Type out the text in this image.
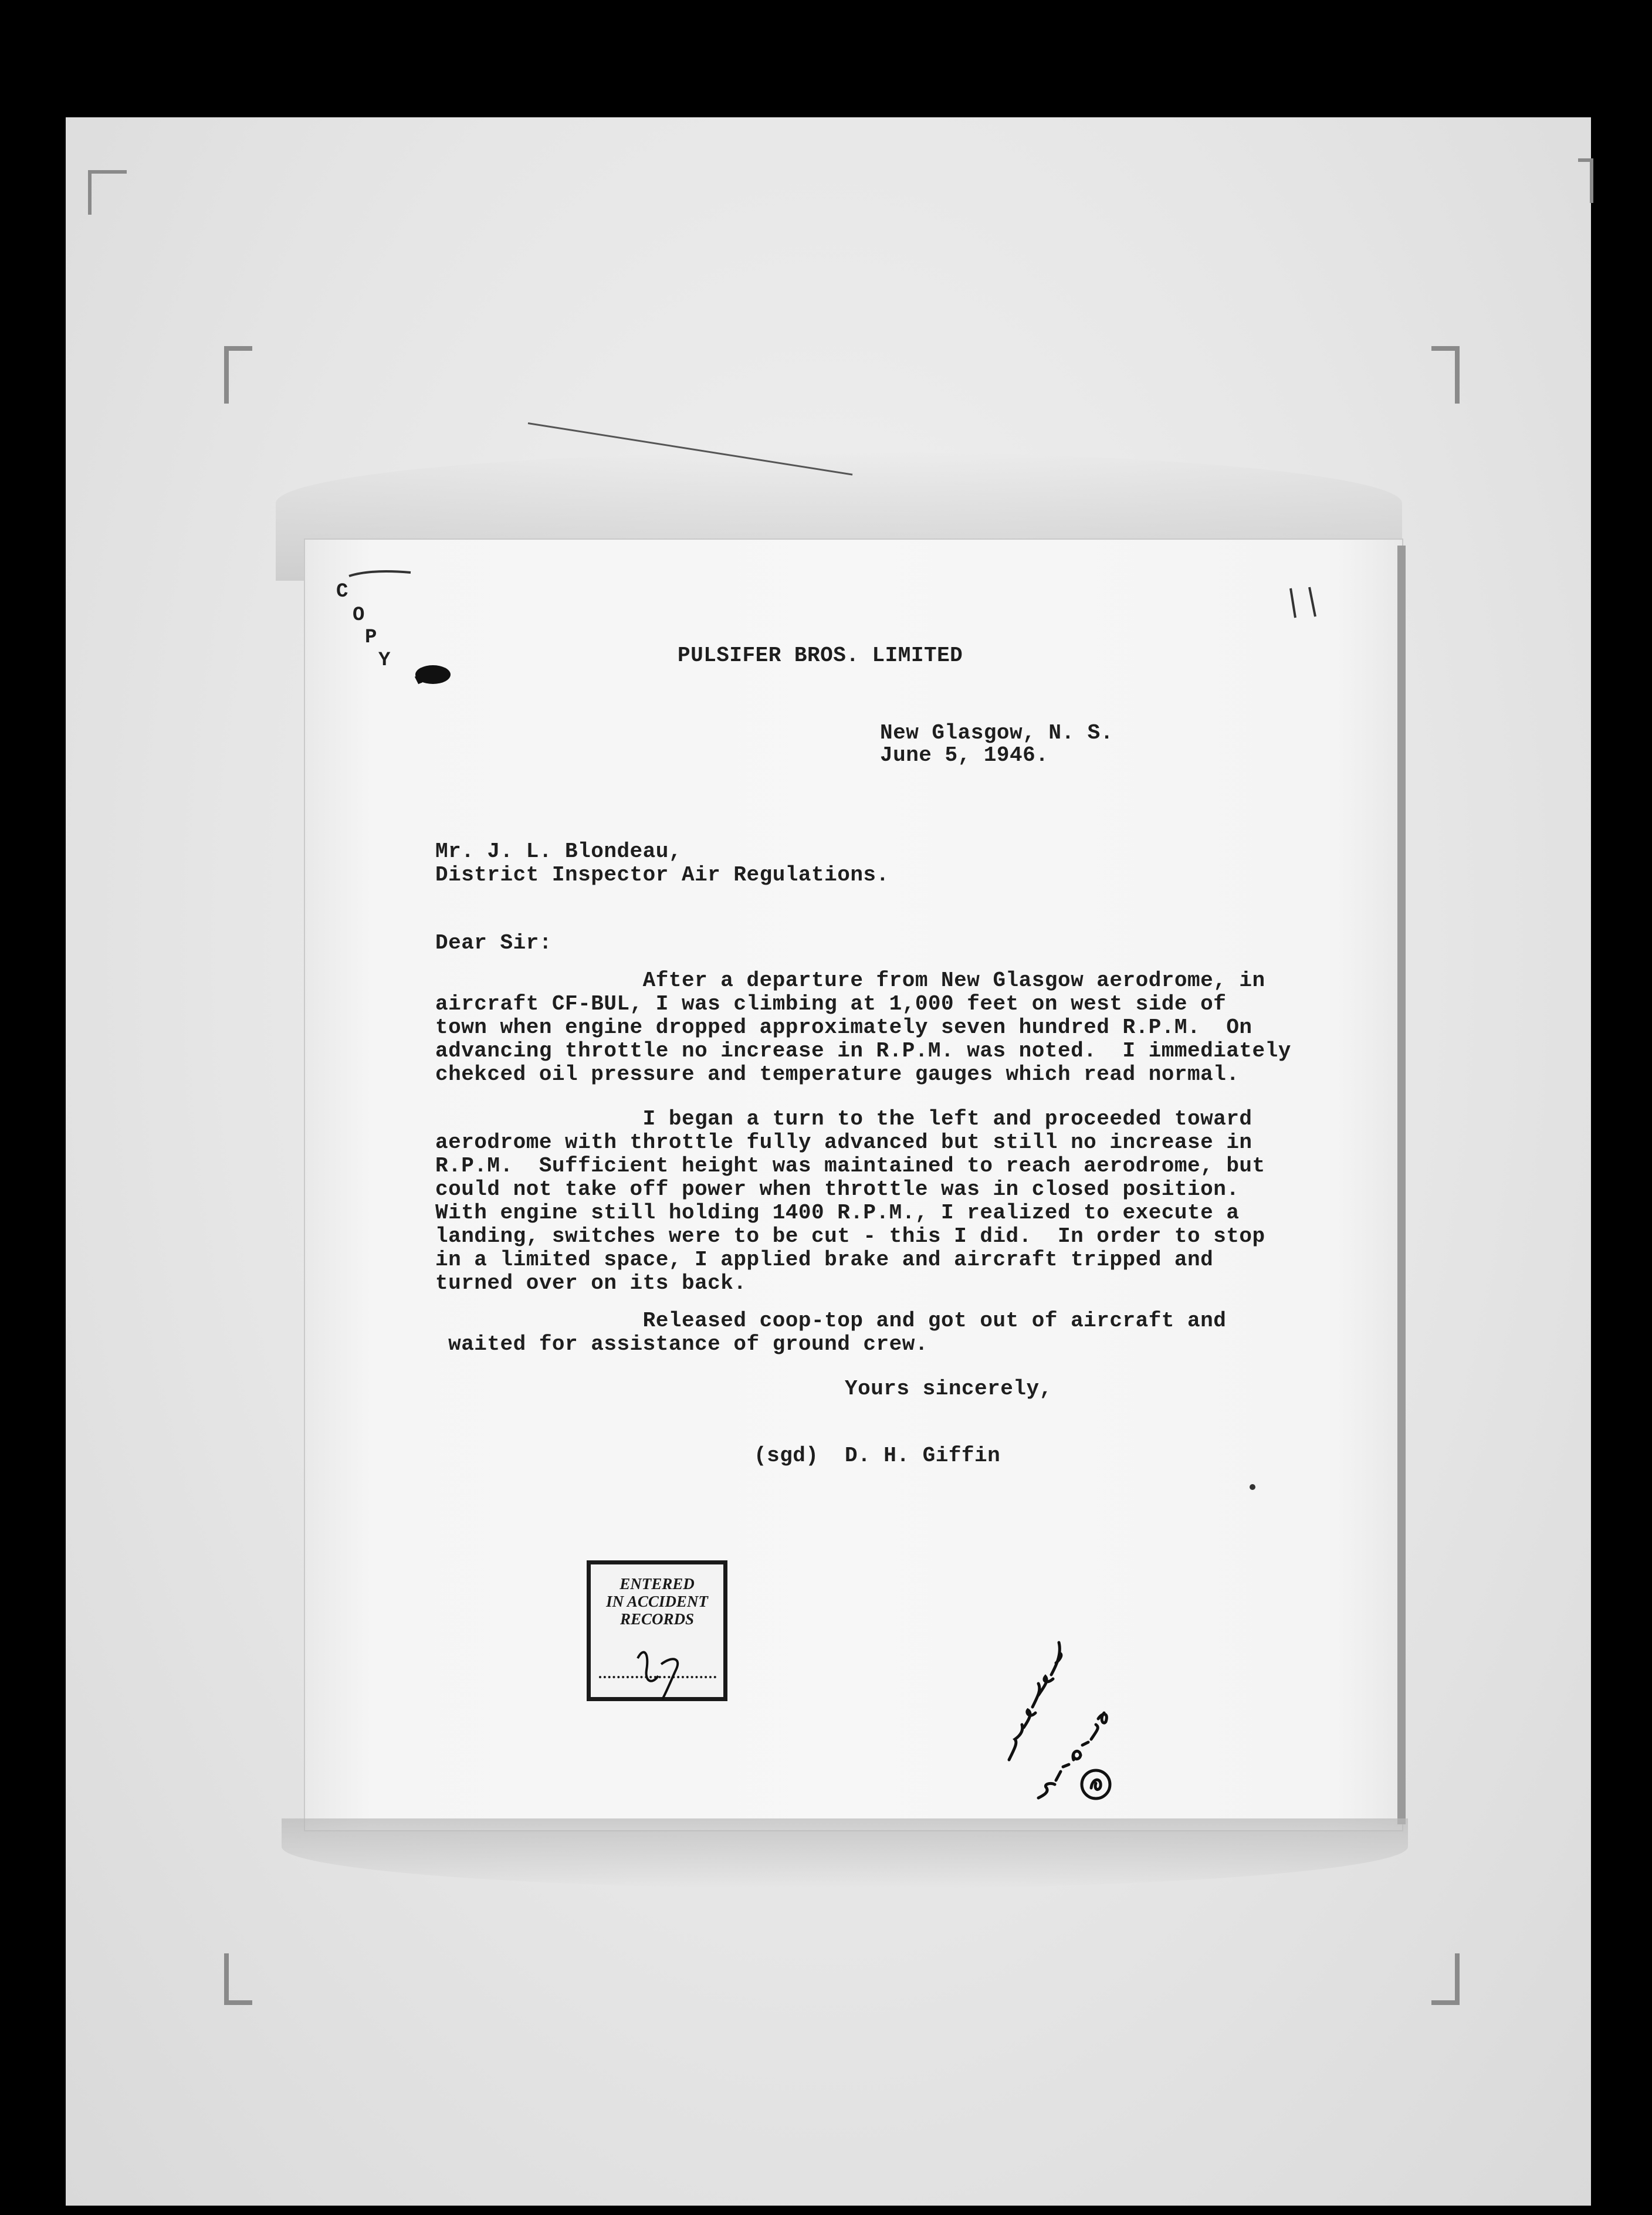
C
O
P
Y	PULSIFER BROS. LIMITED
New Glasgow, N. S.
June 5, 1946.
Mr. J. L. Blondeau,
District Inspector Air Regulations.
Dear Sir:
After a departure from New Glasgow aerodrome, in
aircraft CF-BUL, I was climbing at 1,000 feet on west side of
town when engine dropped approximately seven hundred R.P.M.  On
advancing throttle no increase in R.P.M. was noted.  I immediately
chekced oil pressure and temperature gauges which read normal.
I began a turn to the left and proceeded toward
aerodrome with throttle fully advanced but still no increase in
R.P.M.  Sufficient height was maintained to reach aerodrome, but
could not take off power when throttle was in closed position.
With engine still holding 1400 R.P.M., I realized to execute a
landing, switches were to be cut - this I did.  In order to stop
in a limited space, I applied brake and aircraft tripped and
turned over on its back.
Released coop-top and got out of aircraft and
waited for assistance of ground crew.
Yours sincerely,
(sgd) D. H. Giffin
ENTERED
IN ACCIDENT
RECORDS
